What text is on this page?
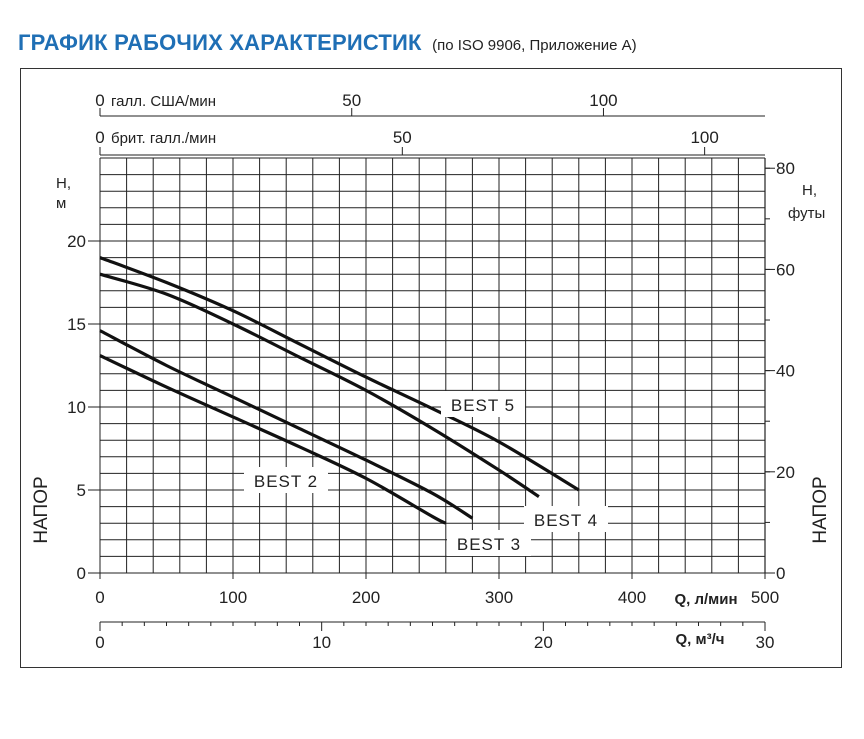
ГРАФИК РАБОЧИХ ХАРАКТЕРИСТИК (по ISO 9906, Приложение A)
0
5
10
15
20
H,
м
0
20
40
60
80
H,
футы
НАПОР	НАПОР
0	100	200	300	400	500
Q, л/мин
0	10	20	30
Q, м³/ч
0	50	100
галл. США/мин
0	50	100
брит. галл./мин
BEST 2
BEST 3
BEST 4
BEST 5
